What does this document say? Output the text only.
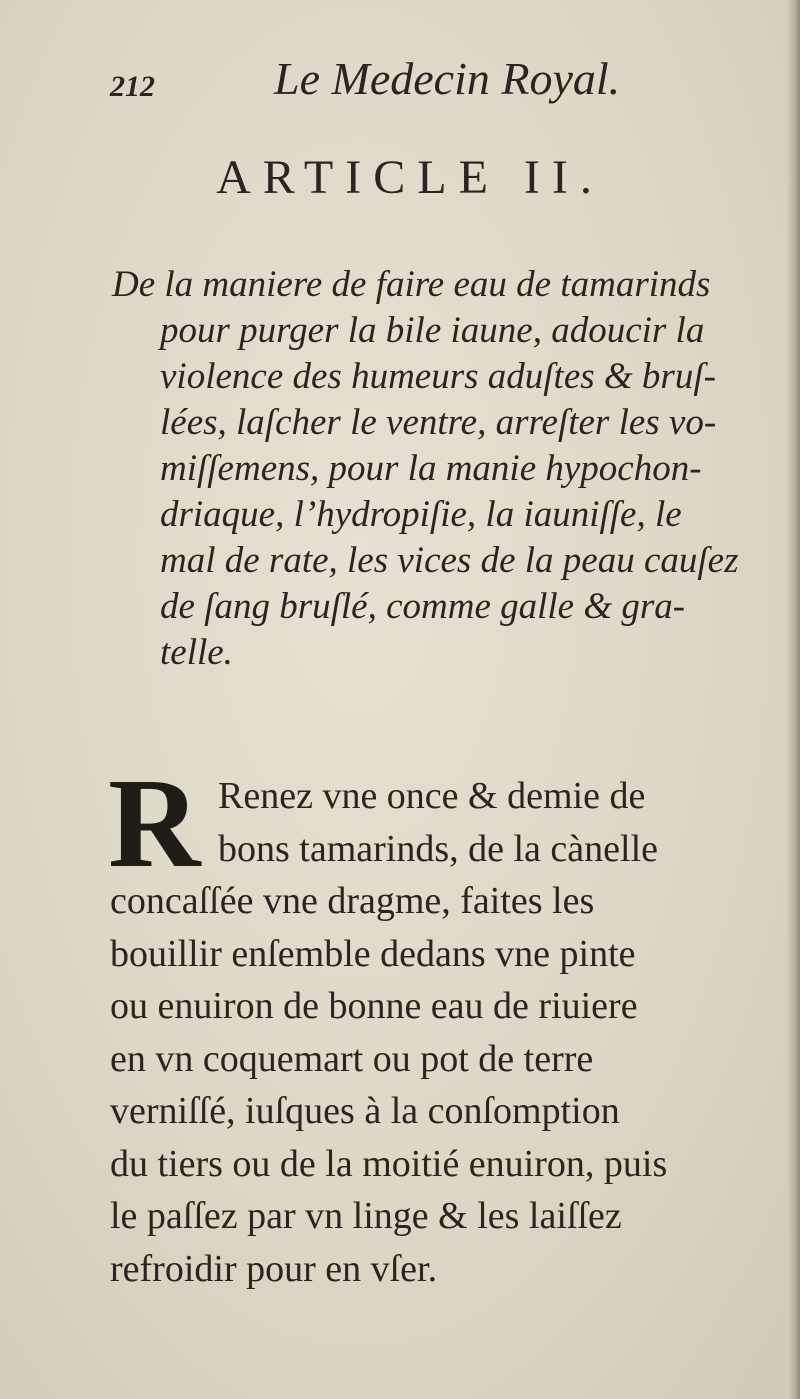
212	Le Medecin Royal.
ARTICLE II.
De la maniere de faire eau de tamarinds
pour purger la bile iaune, adoucir la
violence des humeurs aduſtes & bruſ-
lées, laſcher le ventre, arreſter les vo-
miſſemens, pour la manie hypochon-
driaque, l’hydropiſie, la iauniſſe, le
mal de rate, les vices de la peau cauſez
de ſang bruſlé, comme galle & gra-
telle.
R Renez vne once & demie de
bons tamarinds, de la cànelle
concaſſée vne dragme, faites les
bouillir enſemble dedans vne pinte
ou enuiron de bonne eau de riuiere
en vn coquemart ou pot de terre
verniſſé, iuſques à la conſomption
du tiers ou de la moitié enuiron, puis
le paſſez par vn linge & les laiſſez
refroidir pour en vſer.
